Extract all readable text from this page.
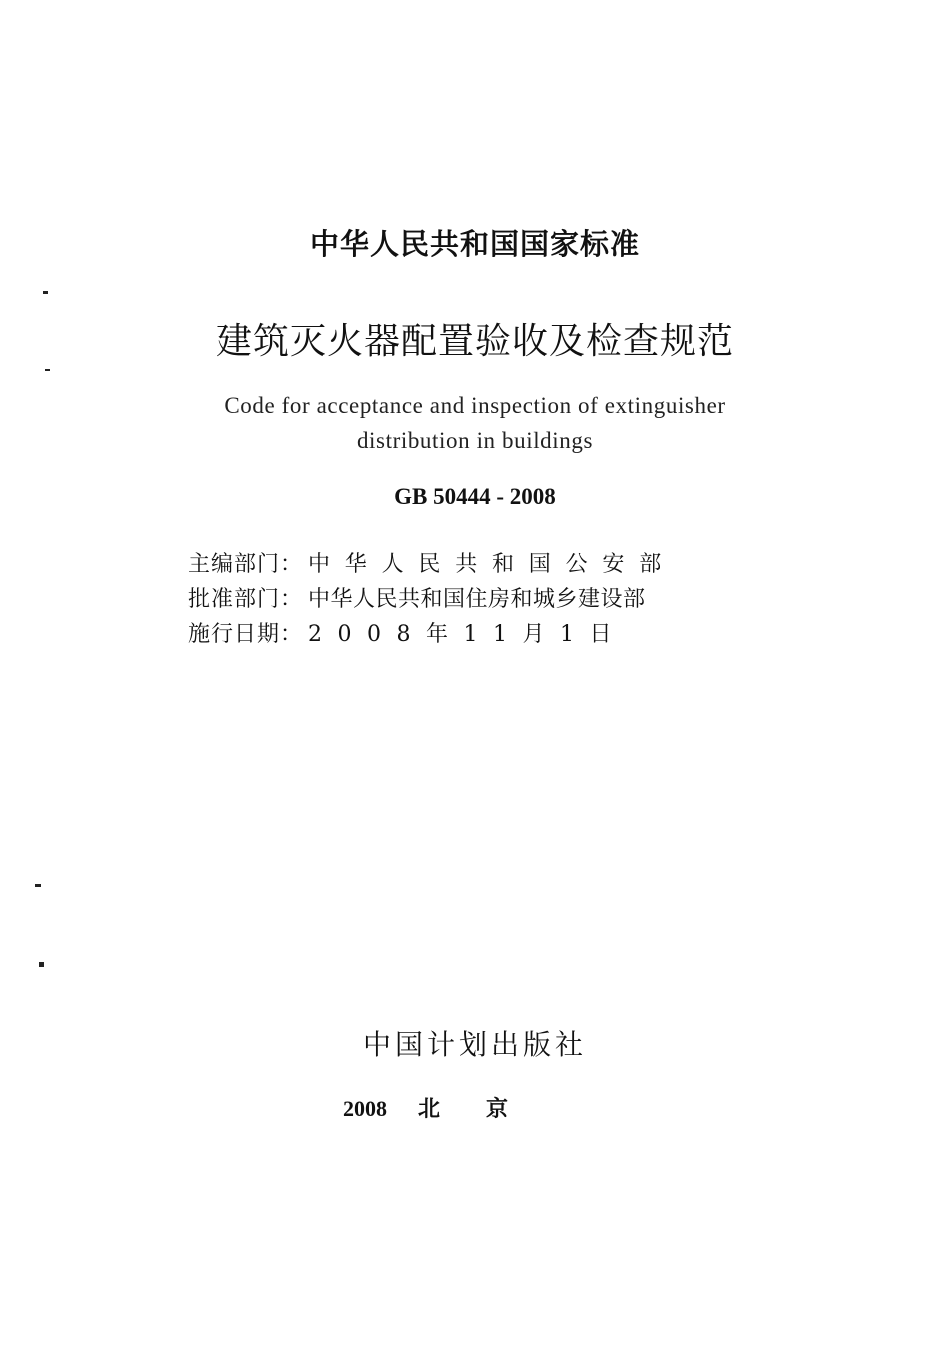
中华人民共和国国家标准
建筑灭火器配置验收及检查规范
Code for acceptance and inspection of extinguisher
distribution in buildings
GB 50444 - 2008
主编部门： 中华人民共和国公安部
批准部门： 中华人民共和国住房和城乡建设部
施行日期： 2008年11月1日
中国计划出版社
2008 北京
